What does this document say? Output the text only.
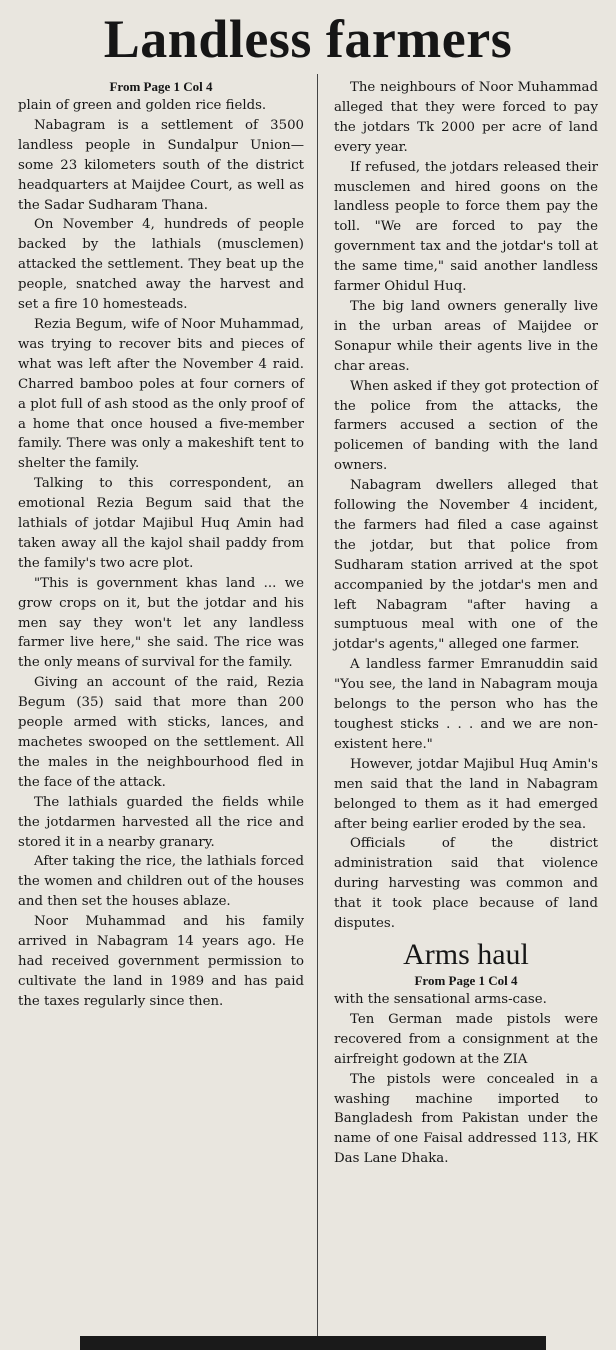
Landless farmers
From Page 1 Col 4

plain of green and golden rice fields.

Nabagram is a settlement of 3500 landless people in Sundalpur Union—some 23 kilometers south of the district headquarters at Maijdee Court, as well as the Sadar Sudharam Thana.

On November 4, hundreds of people backed by the lathials (musclemen) attacked the settlement. They beat up the people, snatched away the harvest and set a fire 10 homesteads.

Rezia Begum, wife of Noor Muhammad, was trying to recover bits and pieces of what was left after the November 4 raid. Charred bamboo poles at four corners of a plot full of ash stood as the only proof of a home that once housed a five-member family. There was only a makeshift tent to shelter the family.

Talking to this correspondent, an emotional Rezia Begum said that the lathials of jotdar Majibul Huq Amin had taken away all the kajol shail paddy from the family's two acre plot.

"This is government khas land ... we grow crops on it, but the jotdar and his men say they won't let any landless farmer live here," she said. The rice was the only means of survival for the family.

Giving an account of the raid, Rezia Begum (35) said that more than 200 people armed with sticks, lances, and machetes swooped on the settlement. All the males in the neighbourhood fled in the face of the attack.

The lathials guarded the fields while the jotdarmen harvested all the rice and stored it in a nearby granary.

After taking the rice, the lathials forced the women and children out of the houses and then set the houses ablaze.

Noor Muhammad and his family arrived in Nabagram 14 years ago. He had received government permission to cultivate the land in 1989 and has paid the taxes regularly since then.

The neighbours of Noor Muhammad alleged that they were forced to pay the jotdars Tk 2000 per acre of land every year.

If refused, the jotdars released their musclemen and hired goons on the landless people to force them pay the toll. "We are forced to pay the government tax and the jotdar's toll at the same time," said another landless farmer Ohidul Huq.

The big land owners generally live in the urban areas of Maijdee or Sonapur while their agents live in the char areas.

When asked if they got protection of the police from the attacks, the farmers accused a section of the policemen of banding with the land owners.

Nabagram dwellers alleged that following the November 4 incident, the farmers had filed a case against the jotdar, but that police from Sudharam station arrived at the spot accompanied by the jotdar's men and left Nabagram "after having a sumptuous meal with one of the jotdar's agents," alleged one farmer.

A landless farmer Emranuddin said "You see, the land in Nabagram mouja belongs to the person who has the toughest sticks . . . and we are non-existent here."

However, jotdar Majibul Huq Amin's men said that the land in Nabagram belonged to them as it had emerged after being earlier eroded by the sea.

Officials of the district administration said that violence during harvesting was common and that it took place because of land disputes.

Arms haul
From Page 1 Col 4

with the sensational arms-case.

Ten German made pistols were recovered from a consignment at the airfreight godown at the ZIA

The pistols were concealed in a washing machine imported to Bangladesh from Pakistan under the name of one Faisal addressed 113, HK Das Lane Dhaka.
